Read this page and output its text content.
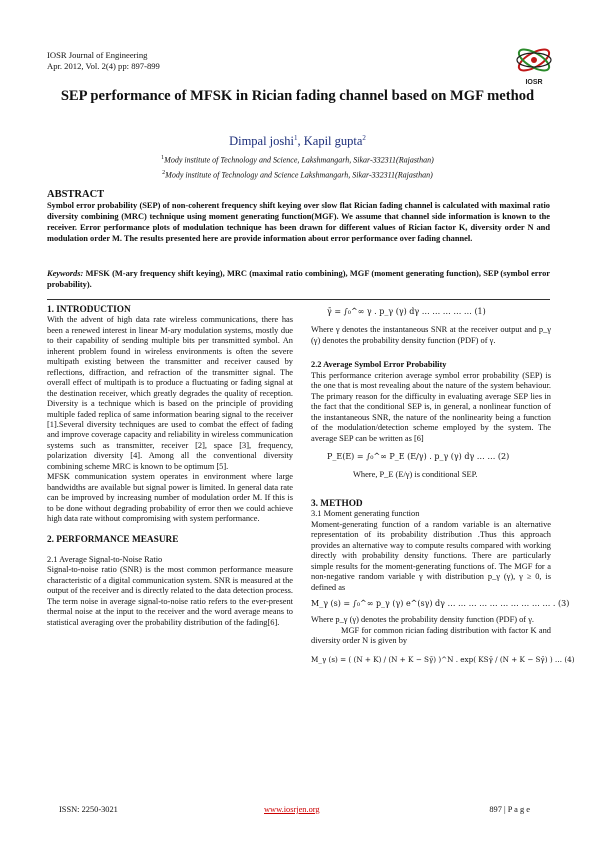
IOSR Journal of Engineering
Apr. 2012, Vol. 2(4) pp: 897-899
IOSR
SEP performance of MFSK in Rician fading channel based on MGF method
Dimpal joshi$^1$, Kapil gupta$^2$
$^1$Mody institute of Technology and Science, Lakshmangarh, Sikar-332311(Rajasthan)
$^2$Mody institute of Technology and Science Lakshmangarh, Sikar-332311(Rajasthan)
ABSTRACT
Symbol error probability (SEP) of non-coherent frequency shift keying over slow flat Rician fading channel is calculated with maximal ratio diversity combining (MRC) technique using moment generating function(MGF). We assume that channel side information is known to the receiver. Error performance plots of modulation technique has been drawn for different values of Rician factor K, diversity order N and modulation order M. The results presented here are provide information about error performance over fading channel.
Keywords: MFSK (M-ary frequency shift keying), MRC (maximal ratio combining), MGF (moment generating function), SEP (symbol error probability).

1. INTRODUCTION

With the advent of high data rate wireless communications, there has been a renewed interest in linear M-ary modulation systems, mostly due to their capability of sending multiple bits per transmitted symbol. An inherent problem found in wireless environments is often the severe multipath existing between the transmitter and receiver caused by reflections, diffraction, and refraction of the transmitter signal. The overall effect of multipath is to produce a fluctuating or fading signal at the destination receiver, which greatly degrades the quality of reception. Diversity is a technique which is based on the principle of providing multiple faded replica of same information bearing signal to the receiver [1].Several diversity techniques are used to combat the effect of fading and improve coverage capacity and reliability in wireless communication systems such as transmitter, receiver [2], space [3], frequency, polarization diversity [4]. Among all the conventional diversity combining scheme MRC is known to be optimum [5].

MFSK communication system operates in environment where large bandwidths are available but signal power is limited. In general data rate can be improved by increasing number of modulation order M. If this is to be done without degrading probability of error then we could achieve high data rate without compromising with system performance.

2. PERFORMANCE MEASURE

2.1 Average Signal-to-Noise Ratio

Signal-to-noise ratio (SNR) is the most common performance measure characteristic of a digital communication system. SNR is measured at the output of the receiver and is directly related to the data detection process. The term noise in average signal-to-noise ratio refers to the ever-present thermal noise at the input to the receiver and the word average means to statistical averaging over the probability distribution of the fading[6].

γ̄ = ∫₀^∞ γ . p_γ (γ) dγ … … … … … (1)

Where γ denotes the instantaneous SNR at the receiver output and p_γ (γ) denotes the probability density function (PDF) of γ.

2.2 Average Symbol Error Probability

This performance criterion average symbol error probability (SEP) is the one that is most revealing about the nature of the system behaviour. The primary reason for the difficulty in evaluating average SEP lies in the fact that the conditional SEP is, in general, a nonlinear function of the instantaneous SNR, the nature of the nonlinearity being a function of the modulation/detection scheme employed by the system. The average SEP can be written as [6]

P_E(E) = ∫₀^∞ P_E (E/γ) . p_γ (γ) dγ … … (2)

Where, P_E (E/γ) is conditional SEP.

3. METHOD

3.1 Moment generating function

Moment-generating function of a random variable is an alternative representation of its probability distribution .Thus this approach provides an alternative way to compute results compared with working directly with probability density functions. There are particularly simple results for the moment-generating functions of. The MGF for a non-negative random variable γ with distribution p_γ (γ), γ ≥ 0, is defined as

M_γ (s) = ∫₀^∞ p_γ (γ) e^(sγ) dγ … … … … … … … … … … . (3)

Where p_γ (γ) denotes the probability density function (PDF) of γ.

MGF for common rician fading distribution with factor K and diversity order N is given by

M_γ (s) = ( (N + K) / (N + K − Sγ̄) )^N . exp( KSγ̄ / (N + K − Sγ̄) ) … (4)

ISSN: 2250-3021	www.iosrjen.org	897 | P a g e
